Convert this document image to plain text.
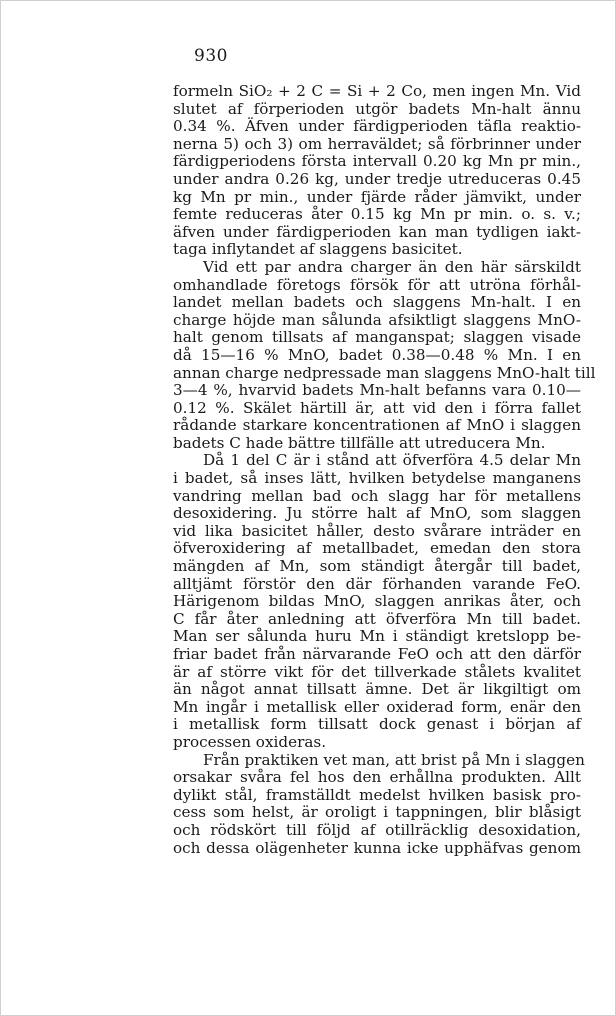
930
formeln SiO₂ + 2 C = Si + 2 Co, men ingen Mn. Vid
slutet af förperioden utgör badets Mn-halt ännu
0.34 %. Äfven under färdigperioden täfla reaktio-
nerna 5) och 3) om herraväldet; så förbrinner under
färdigperiodens första intervall 0.20 kg Mn pr min.,
under andra 0.26 kg, under tredje utreduceras 0.45
kg Mn pr min., under fjärde råder jämvikt, under
femte reduceras åter 0.15 kg Mn pr min. o. s. v.;
äfven under färdigperioden kan man tydligen iakt-
taga inflytandet af slaggens basicitet.
Vid ett par andra charger än den här särskildt
omhandlade företogs försök för att utröna förhål-
landet mellan badets och slaggens Mn-halt. I en
charge höjde man sålunda afsiktligt slaggens MnO-
halt genom tillsats af manganspat; slaggen visade
då 15—16 % MnO, badet 0.38—0.48 % Mn. I en
annan charge nedpressade man slaggens MnO-halt till
3—4 %, hvarvid badets Mn-halt befanns vara 0.10—
0.12 %. Skälet härtill är, att vid den i förra fallet
rådande starkare koncentrationen af MnO i slaggen
badets C hade bättre tillfälle att utreducera Mn.
Då 1 del C är i stånd att öfverföra 4.5 delar Mn
i badet, så inses lätt, hvilken betydelse manganens
vandring mellan bad och slagg har för metallens
desoxidering. Ju större halt af MnO, som slaggen
vid lika basicitet håller, desto svårare inträder en
öfveroxidering af metallbadet, emedan den stora
mängden af Mn, som ständigt återgår till badet,
alltjämt förstör den där förhanden varande FeO.
Härigenom bildas MnO, slaggen anrikas åter, och
C får åter anledning att öfverföra Mn till badet.
Man ser sålunda huru Mn i ständigt kretslopp be-
friar badet från närvarande FeO och att den därför
är af större vikt för det tillverkade stålets kvalitet
än något annat tillsatt ämne. Det är likgiltigt om
Mn ingår i metallisk eller oxiderad form, enär den
i metallisk form tillsatt dock genast i början af
processen oxideras.
Från praktiken vet man, att brist på Mn i slaggen
orsakar svåra fel hos den erhållna produkten. Allt
dylikt stål, framställdt medelst hvilken basisk pro-
cess som helst, är oroligt i tappningen, blir blåsigt
och rödskört till följd af otillräcklig desoxidation,
och dessa olägenheter kunna icke upphäfvas genom
